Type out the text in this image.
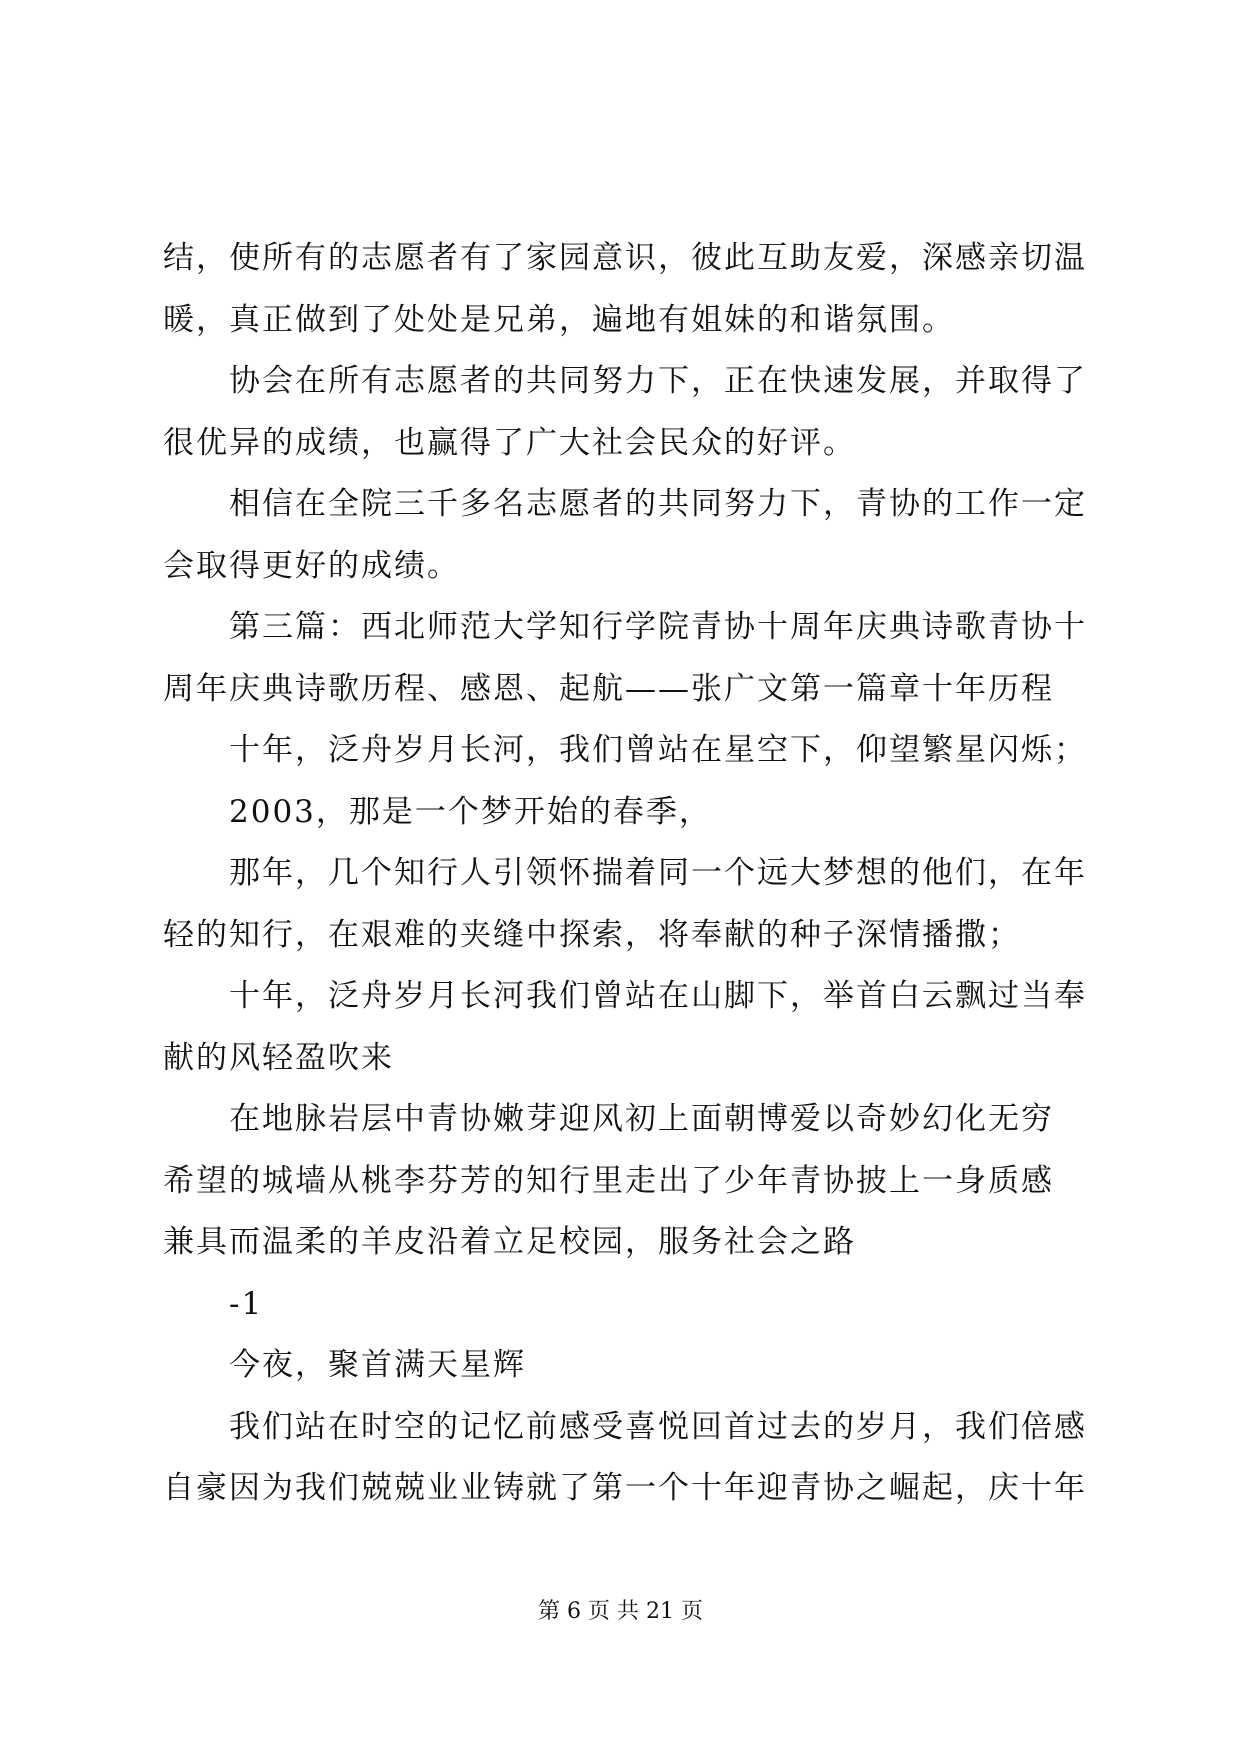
结，使所有的志愿者有了家园意识，彼此互助友爱，深感亲切温
暖，真正做到了处处是兄弟，遍地有姐妹的和谐氛围。
协会在所有志愿者的共同努力下，正在快速发展，并取得了
很优异的成绩，也赢得了广大社会民众的好评。
相信在全院三千多名志愿者的共同努力下，青协的工作一定
会取得更好的成绩。
第三篇：西北师范大学知行学院青协十周年庆典诗歌青协十
周年庆典诗歌历程、感恩、起航——张广文第一篇章十年历程
十年，泛舟岁月长河，我们曾站在星空下，仰望繁星闪烁；
2003，那是一个梦开始的春季，
那年，几个知行人引领怀揣着同一个远大梦想的他们，在年
轻的知行，在艰难的夹缝中探索，将奉献的种子深情播撒；
十年，泛舟岁月长河我们曾站在山脚下，举首白云飘过当奉
献的风轻盈吹来
在地脉岩层中青协嫩芽迎风初上面朝博爱以奇妙幻化无穷
希望的城墙从桃李芬芳的知行里走出了少年青协披上一身质感
兼具而温柔的羊皮沿着立足校园，服务社会之路
-1
今夜，聚首满天星辉
我们站在时空的记忆前感受喜悦回首过去的岁月，我们倍感
自豪因为我们兢兢业业铸就了第一个十年迎青协之崛起，庆十年
第 6 页 共 21 页
